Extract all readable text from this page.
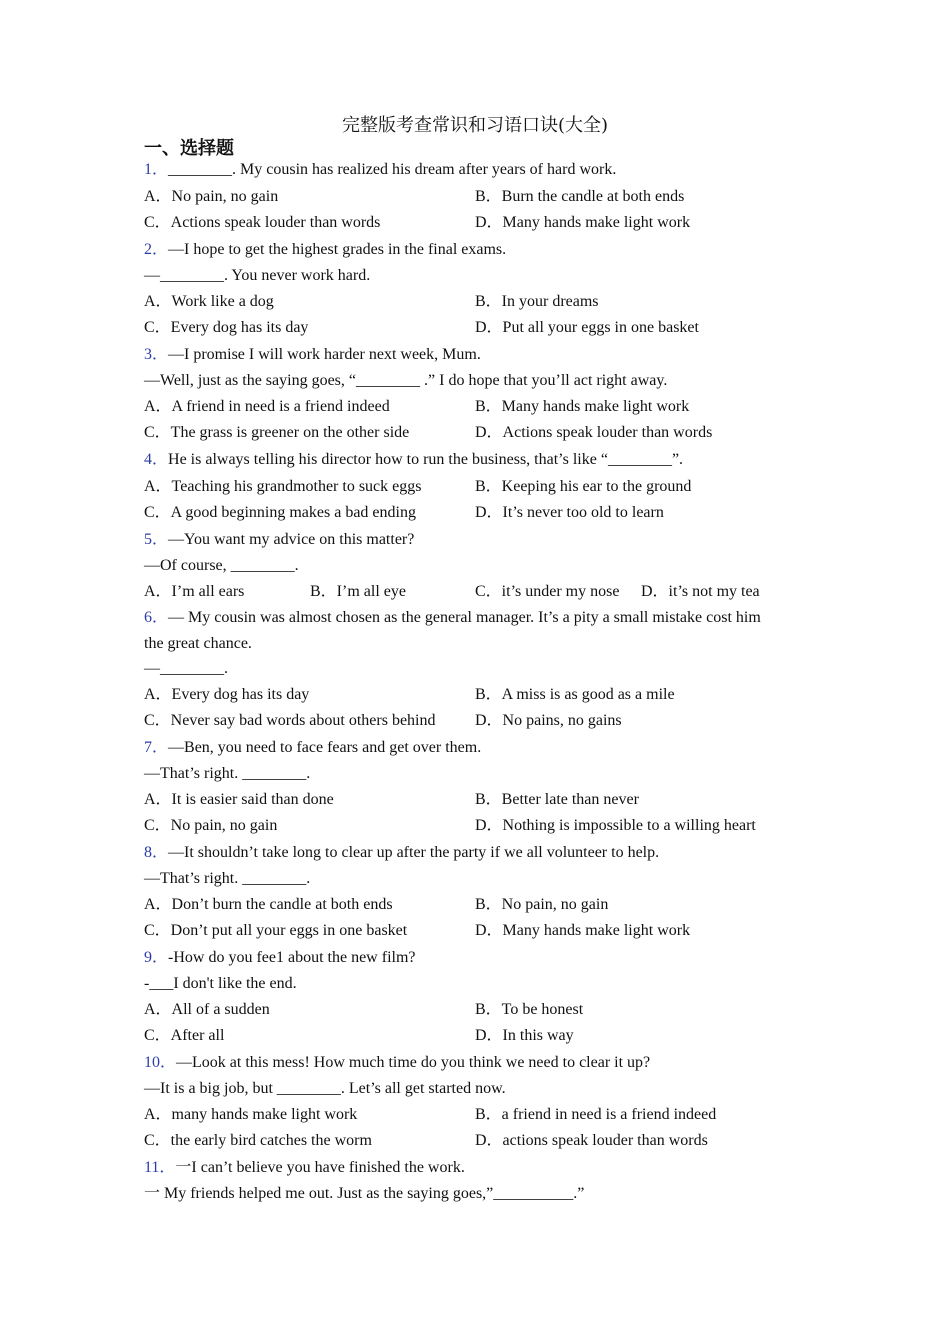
完整版考查常识和习语口诀(大全)
一、选择题
1．________. My cousin has realized his dream after years of hard work.
A．No pain, no gain	B．Burn the candle at both ends
C．Actions speak louder than words	D．Many hands make light work
2．—I hope to get the highest grades in the final exams.
—________. You never work hard.
A．Work like a dog	B．In your dreams
C．Every dog has its day	D．Put all your eggs in one basket
3．—I promise I will work harder next week, Mum.
—Well, just as the saying goes, “________ .” I do hope that you’ll act right away.
A．A friend in need is a friend indeed	B．Many hands make light work
C．The grass is greener on the other side	D．Actions speak louder than words
4．He is always telling his director how to run the business, that’s like “________”.
A．Teaching his grandmother to suck eggs	B．Keeping his ear to the ground
C．A good beginning makes a bad ending	D．It’s never too old to learn
5．—You want my advice on this matter?
—Of course, ________.
A．I’m all ears	B．I’m all eye	C．it’s under my nose D．it’s not my tea
6．— My cousin was almost chosen as the general manager. It’s a pity a small mistake cost him
the great chance.
—________.
A．Every dog has its day	B．A miss is as good as a mile
C．Never say bad words about others behind D．No pains, no gains
7．—Ben, you need to face fears and get over them.
—That’s right. ________.
A．It is easier said than done	B．Better late than never
C．No pain, no gain	D．Nothing is impossible to a willing heart
8．—It shouldn’t take long to clear up after the party if we all volunteer to help.
—That’s right. ________.
A．Don’t burn the candle at both ends	B．No pain, no gain
C．Don’t put all your eggs in one basket	D．Many hands make light work
9．-How do you fee1 about the new film?
-___I don't like the end.
A．All of a sudden	B．To be honest
C．After all	D．In this way
10．—Look at this mess! How much time do you think we need to clear it up?
—It is a big job, but ________. Let’s all get started now.
A．many hands make light work	B．a friend in need is a friend indeed
C．the early bird catches the worm	D．actions speak louder than words
11．一I can’t believe you have finished the work.
一 My friends helped me out. Just as the saying goes,”__________.”
